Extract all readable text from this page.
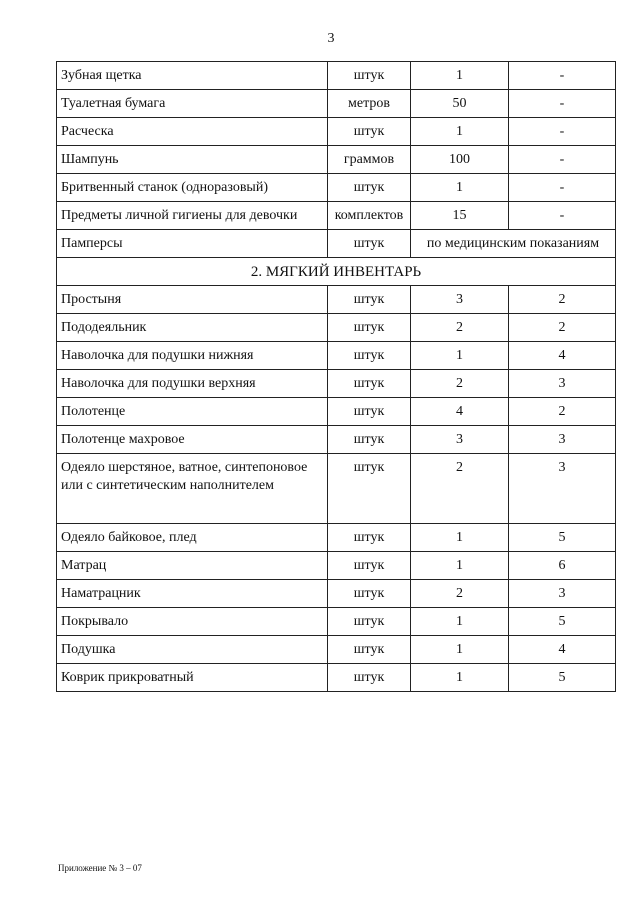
3
Зубная щетка	штук	1	-
Туалетная бумага	метров	50	-
Расческа	штук	1	-
Шампунь	граммов	100	-
Бритвенный станок (одноразовый)	штук	1	-
Предметы личной гигиены для девочки	комплектов	15	-
Памперсы	штук	по медицинским показаниям	
2. МЯГКИЙ ИНВЕНТАРЬ			
Простыня	штук	3	2
Пододеяльник	штук	2	2
Наволочка для подушки нижняя	штук	1	4
Наволочка для подушки верхняя	штук	2	3
Полотенце	штук	4	2
Полотенце махровое	штук	3	3
Одеяло шерстяное, ватное, синтепоновое или с синтетическим наполнителем	штук	2	3
Одеяло байковое, плед	штук	1	5
Матрац	штук	1	6
Наматрацник	штук	2	3
Покрывало	штук	1	5
Подушка	штук	1	4
Коврик прикроватный	штук	1	5
Приложение № 3 – 07
